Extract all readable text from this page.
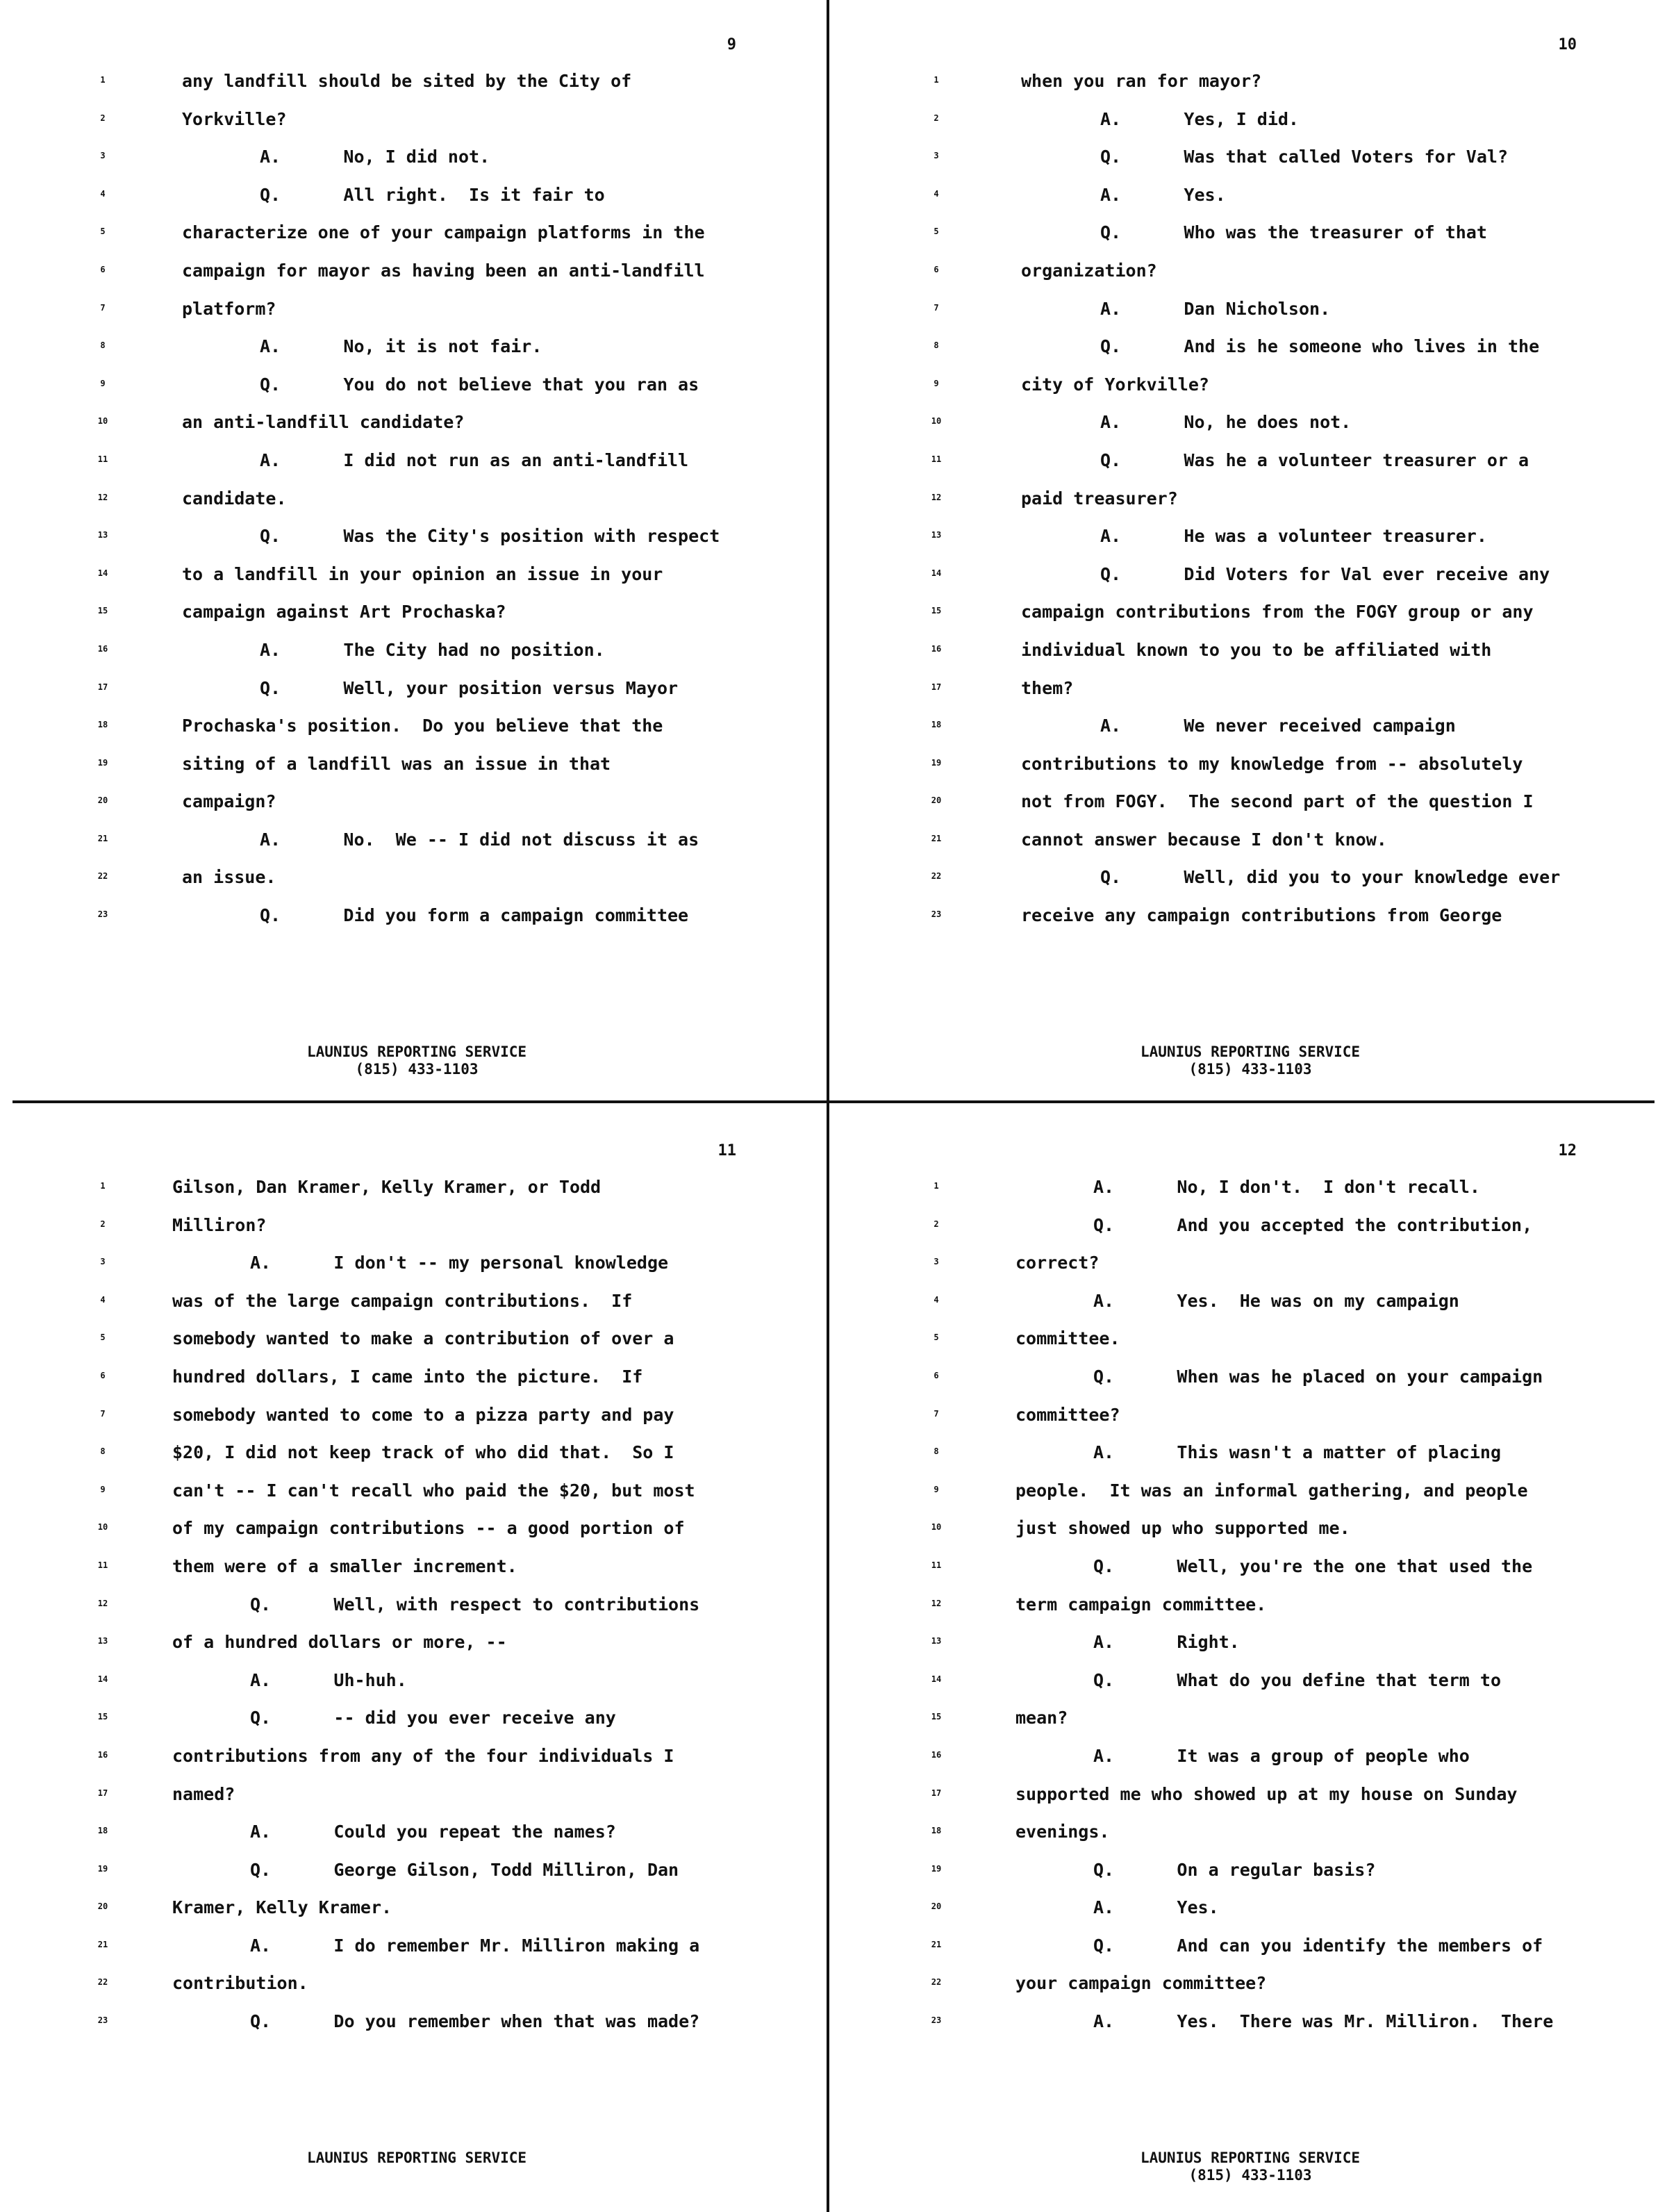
9
1	any landfill should be sited by the City of
2	Yorkville?
3	A.      No, I did not.
4	Q.      All right.  Is it fair to
5	characterize one of your campaign platforms in the
6	campaign for mayor as having been an anti-landfill
7	platform?
8	A.      No, it is not fair.
9	Q.      You do not believe that you ran as
10	an anti-landfill candidate?
11	A.      I did not run as an anti-landfill
12	candidate.
13	Q.      Was the City's position with respect
14	to a landfill in your opinion an issue in your
15	campaign against Art Prochaska?
16	A.      The City had no position.
17	Q.      Well, your position versus Mayor
18	Prochaska's position.  Do you believe that the
19	siting of a landfill was an issue in that
20	campaign?
21	A.      No.  We -- I did not discuss it as
22	an issue.
23	Q.      Did you form a campaign committee
LAUNIUS REPORTING SERVICE
(815) 433-1103
10
1	when you ran for mayor?
2	A.      Yes, I did.
3	Q.      Was that called Voters for Val?
4	A.      Yes.
5	Q.      Who was the treasurer of that
6	organization?
7	A.      Dan Nicholson.
8	Q.      And is he someone who lives in the
9	city of Yorkville?
10	A.      No, he does not.
11	Q.      Was he a volunteer treasurer or a
12	paid treasurer?
13	A.      He was a volunteer treasurer.
14	Q.      Did Voters for Val ever receive any
15	campaign contributions from the FOGY group or any
16	individual known to you to be affiliated with
17	them?
18	A.      We never received campaign
19	contributions to my knowledge from -- absolutely
20	not from FOGY.  The second part of the question I
21	cannot answer because I don't know.
22	Q.      Well, did you to your knowledge ever
23	receive any campaign contributions from George
LAUNIUS REPORTING SERVICE
(815) 433-1103
11
1	Gilson, Dan Kramer, Kelly Kramer, or Todd
2	Milliron?
3	A.      I don't -- my personal knowledge
4	was of the large campaign contributions.  If
5	somebody wanted to make a contribution of over a
6	hundred dollars, I came into the picture.  If
7	somebody wanted to come to a pizza party and pay
8	$20, I did not keep track of who did that.  So I
9	can't -- I can't recall who paid the $20, but most
10	of my campaign contributions -- a good portion of
11	them were of a smaller increment.
12	Q.      Well, with respect to contributions
13	of a hundred dollars or more, --
14	A.      Uh-huh.
15	Q.      -- did you ever receive any
16	contributions from any of the four individuals I
17	named?
18	A.      Could you repeat the names?
19	Q.      George Gilson, Todd Milliron, Dan
20	Kramer, Kelly Kramer.
21	A.      I do remember Mr. Milliron making a
22	contribution.
23	Q.      Do you remember when that was made?
LAUNIUS REPORTING SERVICE
12
1	A.      No, I don't.  I don't recall.
2	Q.      And you accepted the contribution,
3	correct?
4	A.      Yes.  He was on my campaign
5	committee.
6	Q.      When was he placed on your campaign
7	committee?
8	A.      This wasn't a matter of placing
9	people.  It was an informal gathering, and people
10	just showed up who supported me.
11	Q.      Well, you're the one that used the
12	term campaign committee.
13	A.      Right.
14	Q.      What do you define that term to
15	mean?
16	A.      It was a group of people who
17	supported me who showed up at my house on Sunday
18	evenings.
19	Q.      On a regular basis?
20	A.      Yes.
21	Q.      And can you identify the members of
22	your campaign committee?
23	A.      Yes.  There was Mr. Milliron.  There
LAUNIUS REPORTING SERVICE
(815) 433-1103
